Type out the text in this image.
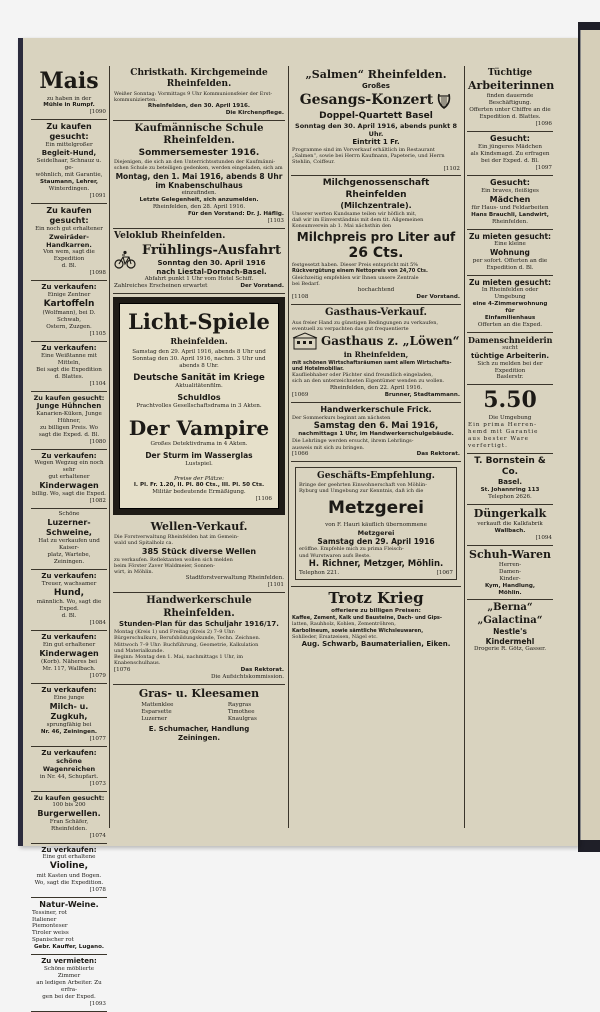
Mais
zu haben in der
Mühle in Rumpf.
[1090
Zu kaufen gesucht:
Ein mittelgroßer
Begleit-Hund,
Seidelhaar, Schnauz u. ge-
wöhnlich, mit Garantie,
Staumann, Lehrer,
Winterdingen.
[1091
Zu kaufen gesucht:
Ein noch gut erhaltener
Zweiräder-Handkarren.
Von wem, sagt die Expedition
d. Bl.
[1098
Zu verkaufen:
Einige Zentner
Kartoffeln
(Wolfmann), bei D. Schwab,
Ostern, Zuzgen.
[1105
Zu verkaufen:
Eine Weißtanne mit Mitteln,
Bei sagt die Expedition
d. Blattes.
[1104
Zu kaufen gesucht:
Junge Hühnchen
Kanarien-Küken, Junge Hühner,
zu billigen Preis. Wo
sagt die Exped. d. Bl.
[1080
Zu verkaufen:
Wegen Wegzug ein noch sehr
gut erhaltener
Kinderwagen
billig. Wo, sagt die Exped.
[1082
Schöne
Luzerner-
Schweine,
Hat zu verkaufen und Kaiser-
platz, Wartebe, Zeiningen.
Zu verkaufen:
Treuer, wachsamer
Hund,
männlich. Wo, sagt die Exped.
d. Bl.
[1084
Zu verkaufen:
Ein gut erhaltener
Kinderwagen
(Korb). Näheres bei
Mr. 117, Wallbach.
[1079
Zu verkaufen:
Eine junge
Milch- u. Zugkuh,
sprungfähig bei
Nr. 46, Zeiningen.
[1077
Zu verkaufen:
schöne Wagenreichen
in Nr. 44, Schupfart.
[1073
Zu kaufen gesucht:
100 bis 200
Burgerwellen.
Fran Schäfer, Rheinfelden.
[1074
Zu verkaufen:
Eine gut erhaltene
Violine,
mit Kasten und Bogen.
Wo, sagt die Expedition.
[1078
Natur-Weine.
Tessiner, rot
Italiener
Piemonteser
Tiroler weiss
Spanischer rot
Gebr. Kauffer, Lugano.
Zu vermieten:
Schöne möblierte Zimmer
an ledigen Arbeiter. Zu erfra-
gen bei der Exped.
[1093
Christkath. Kirchgemeinde Rheinfelden.
Weißer Sonntag: Vormittags 9 Uhr Kommunionsfeier der Erst-
kommunizierten.
Rheinfelden, den 30. April 1916.
Die Kirchenpflege.
Kaufmännische Schule Rheinfelden.
Sommersemester 1916.
Diejenigen, die sich an den Unterrichtsstunden der Kaufmänni-
schen Schule zu beteiligen gedenken, werden eingeladen, sich am
Montag, den 1. Mai 1916, abends 8 Uhr
im Knabenschulhaus
einzufinden.
Letzte Gelegenheit, sich anzumelden.
Rheinfelden, den 28. April 1916.
Für den Vorstand: Dr. J. Häflig.
[1103
Veloklub Rheinfelden.
Frühlings-Ausfahrt
Sonntag den 30. April 1916
nach Liestal-Dornach-Basel.
Abfahrt punkt 1 Uhr vom Hotel Schiff.
Zahlreiches Erscheinen erwartet	Der Vorstand.
Licht-Spiele
Rheinfelden.
Samstag den 29. April 1916, abends 8 Uhr und
Sonntag den 30. April 1916, nachm. 3 Uhr und
abends 8 Uhr.
Deutsche Sanität im Kriege
Aktualitätenfilm.
Schuldlos
Prachtvolles Gesellschaftsdrama in 3 Akten.
Der Vampire
Großes Detektivdrama in 4 Akten.
Der Sturm im Wasserglas
Lustspiel.
Preise der Plätze:
I. Pl. Fr. 1.20, II. Pl. 80 Cts., III. Pl. 50 Cts.
Militär bedeutende Ermäßigung.
[1106
Wellen-Verkauf.
Die Forstverwaltung Rheinfelden hat im Gemein-
wald und Spitalholz ca.
385 Stück diverse Wellen
zu verkaufen. Reflektanten wollen sich melden
beim Förster Zaver Waldmeier, Sonnen-
wirt, in Möhlin.
Stadtforstverwaltung Rheinfelden.
[1101
Handwerkerschule Rheinfelden.
Stunden-Plan für das Schuljahr 1916/17.
Montag (Kreis 1) und Freitag (Kreis 2) 7–9 Uhr:
Bürgerschulkurs, Berufsbildungskunde, Techn. Zeichnen.
Mittwoch 7–9 Uhr: Buchführung, Geometrie, Kalkulation
und Materialkunde.
Beginn: Montag den 1. Mai, nachmittags 1 Uhr, im
Knabenschulhaus.
[1076	Das Rektorat.
Die Aufsichtskommission.
Gras- u. Kleesamen
Mattenklee
Esparsette
Luzerner
Raygras
Timothee
Knaulgras
E. Schumacher, Handlung
Zeiningen.
„Salmen“ Rheinfelden.
Großes
Gesangs-Konzert
Doppel-Quartett Basel
Sonntag den 30. April 1916, abends punkt 8 Uhr.
Eintritt 1 Fr.
Programme sind im Vorverkauf erhältlich im Restaurant
„Salmen“, sowie bei Herrn Kaufmann, Papeterie, und Herrn
Stehlin, Coiffeur.
[1102
Milchgenossenschaft Rheinfelden
(Milchzentrale).
Unserer werten Kundsame teilen wir höflich mit,
daß wir im Einverständnis mit dem tit. Allgemeinen
Konsumverein ab 1. Mai nächsthin den
Milchpreis pro Liter auf
26 Cts.
festgesetzt haben. Dieser Preis entspricht mit 5%
Rückvergütung einem Nettopreis von 24,70 Cts.
Gleichzeitig empfehlen wir Ihnen unsere Zentrale
bei Bedarf.
hochachtend
[1108	Der Vorstand.
Gasthaus-Verkauf.
Aus freier Hand zu günstigen Bedingungen zu verkaufen,
eventuell zu verpachten das gut frequentierte
Gasthaus z. „Löwen“
in Rheinfelden,
mit schönen Wirtschaftsräumen samt allem Wirtschafts-
und Hotelmobiliar.
Kaufliebhaber oder Pächter sind freundlich eingeladen,
sich an den unterzeichneten Eigentümer wenden zu wollen.
Rheinfelden, den 22. April 1916.
[1069	Brunner, Stadtammann.
Handwerkerschule Frick.
Der Sommerkurs beginnt am nächsten
Samstag den 6. Mai 1916,
nachmittags 1 Uhr, im Handwerkerschulgebäude.
Die Lehrlinge werden ersucht, ihrem Lehrlings-
ausweis mit sich zu bringen.
[1066	Das Rektorat.
Geschäfts-Empfehlung.
Bringe der geehrten Einwohnerschaft von Möhlin-
Ryburg und Umgebung zur Kenntnis, daß ich die
Metzgerei
von F. Hauri käuflich übernommene
Metzgerei
Samstag den 29. April 1916
eröffne. Empfehle mich zu prima Fleisch-
und Wurstwaren aufs Beste.
H. Richner, Metzger, Möhlin.
Telephon 221.	[1067
Trotz Krieg
offeriere zu billigen Preisen:
Kaffee, Zement, Kalk und Bausteine, Dach- und Gips-
latten, Rauhholz, Kohlen, Zementröhren,
Karbolineum, sowie sämtliche Wichsleuwaren,
Sohlleder, Ersatzeisen, Nägel etc.
Aug. Schwarb, Baumaterialien, Eiken.
Tüchtige
Arbeiterinnen
finden dauernde Beschäftigung.
Offerten unter Chiffre an die
Expedition d. Blattes.
[1096
Gesucht:
Ein jüngeres Mädchen
als Kindsmagd. Zu erfragen
bei der Exped. d. Bl.
[1097
Gesucht:
Ein braves, fleißiges
Mädchen
für Haus- und Feldarbeiten
Hans Brauchli, Landwirt,
Rheinfelden.
Zu mieten gesucht:
Eine kleine
Wohnung
per sofort. Offerten an die
Expedition d. Bl.
Zu mieten gesucht:
In Rheinfelden oder Umgebung
eine 4-Zimmerwohnung für
Einfamilienhaus
Offerten an die Exped.
Damenschneiderin
sucht
tüchtige Arbeiterin.
Sich zu melden bei der Expedition
Baslerstr.
5.50
Die Umgebung
Ein prima Herren-
hemd mit Garantie
aus bester Ware
verfertigt.
T. Bornstein & Co.
Basel.
St. Johannring 113
Telephon 2626.
Düngerkalk
verkauft die Kalkfabrik
Wallbach.
[1094
Schuh-Waren
Herren-
Damen-
Kinder-
Kym, Handlung,
Möhlin.
„Berna“
„Galactina“
Nestle's Kindermehl
Drogerie R. Götz, Gasser.
